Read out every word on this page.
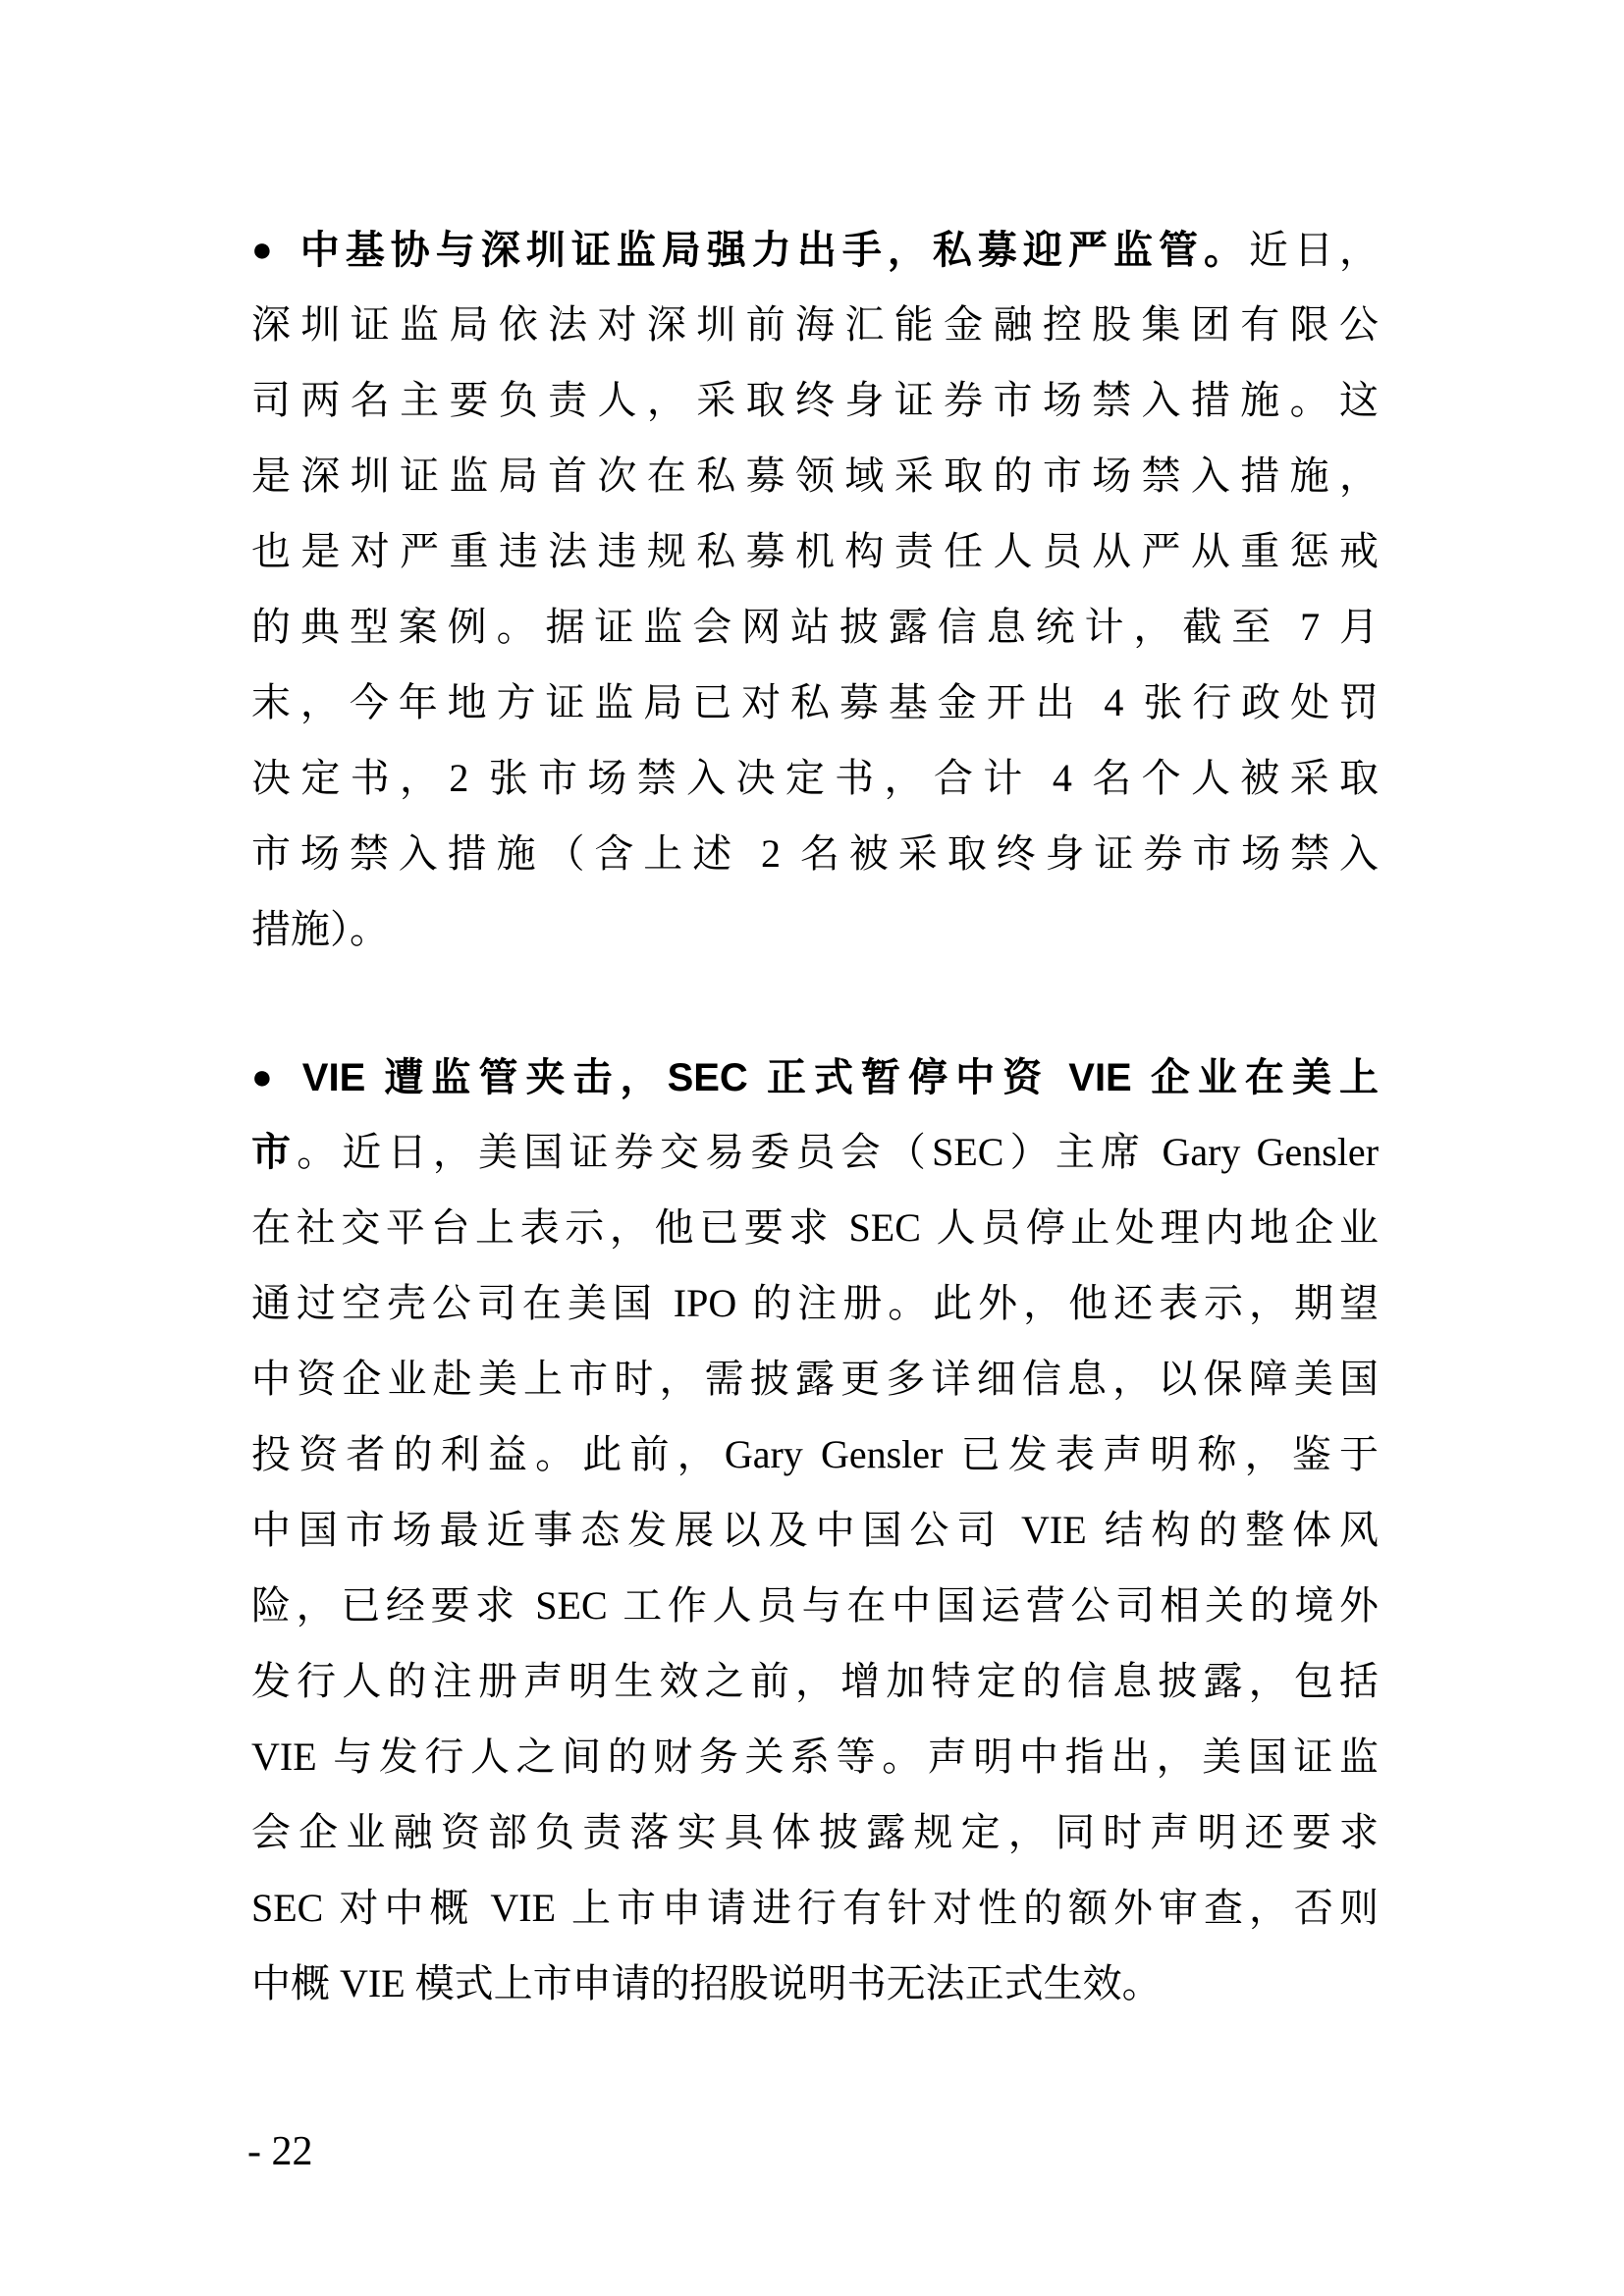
● 中基协与深圳证监局强力出手，私募迎严监管。近日，
深圳证监局依法对深圳前海汇能金融控股集团有限公
司两名主要负责人，采取终身证券市场禁入措施。这
是深圳证监局首次在私募领域采取的市场禁入措施，
也是对严重违法违规私募机构责任人员从严从重惩戒
的典型案例。据证监会网站披露信息统计，截至 7 月
末，今年地方证监局已对私募基金开出 4 张行政处罚
决定书，2 张市场禁入决定书，合计 4 名个人被采取
市场禁入措施（含上述 2 名被采取终身证券市场禁入
措施）。
● VIE 遭监管夹击，SEC 正式暂停中资 VIE 企业在美上
市。近日，美国证券交易委员会（SEC）主席 Gary Gensler
在社交平台上表示，他已要求 SEC 人员停止处理内地企业
通过空壳公司在美国 IPO 的注册。此外，他还表示，期望
中资企业赴美上市时，需披露更多详细信息，以保障美国
投资者的利益。此前，Gary Gensler 已发表声明称，鉴于
中国市场最近事态发展以及中国公司 VIE 结构的整体风
险，已经要求 SEC 工作人员与在中国运营公司相关的境外
发行人的注册声明生效之前，增加特定的信息披露，包括
VIE 与发行人之间的财务关系等。声明中指出，美国证监
会企业融资部负责落实具体披露规定，同时声明还要求
SEC 对中概 VIE 上市申请进行有针对性的额外审查，否则
中概 VIE 模式上市申请的招股说明书无法正式生效。
- 22
